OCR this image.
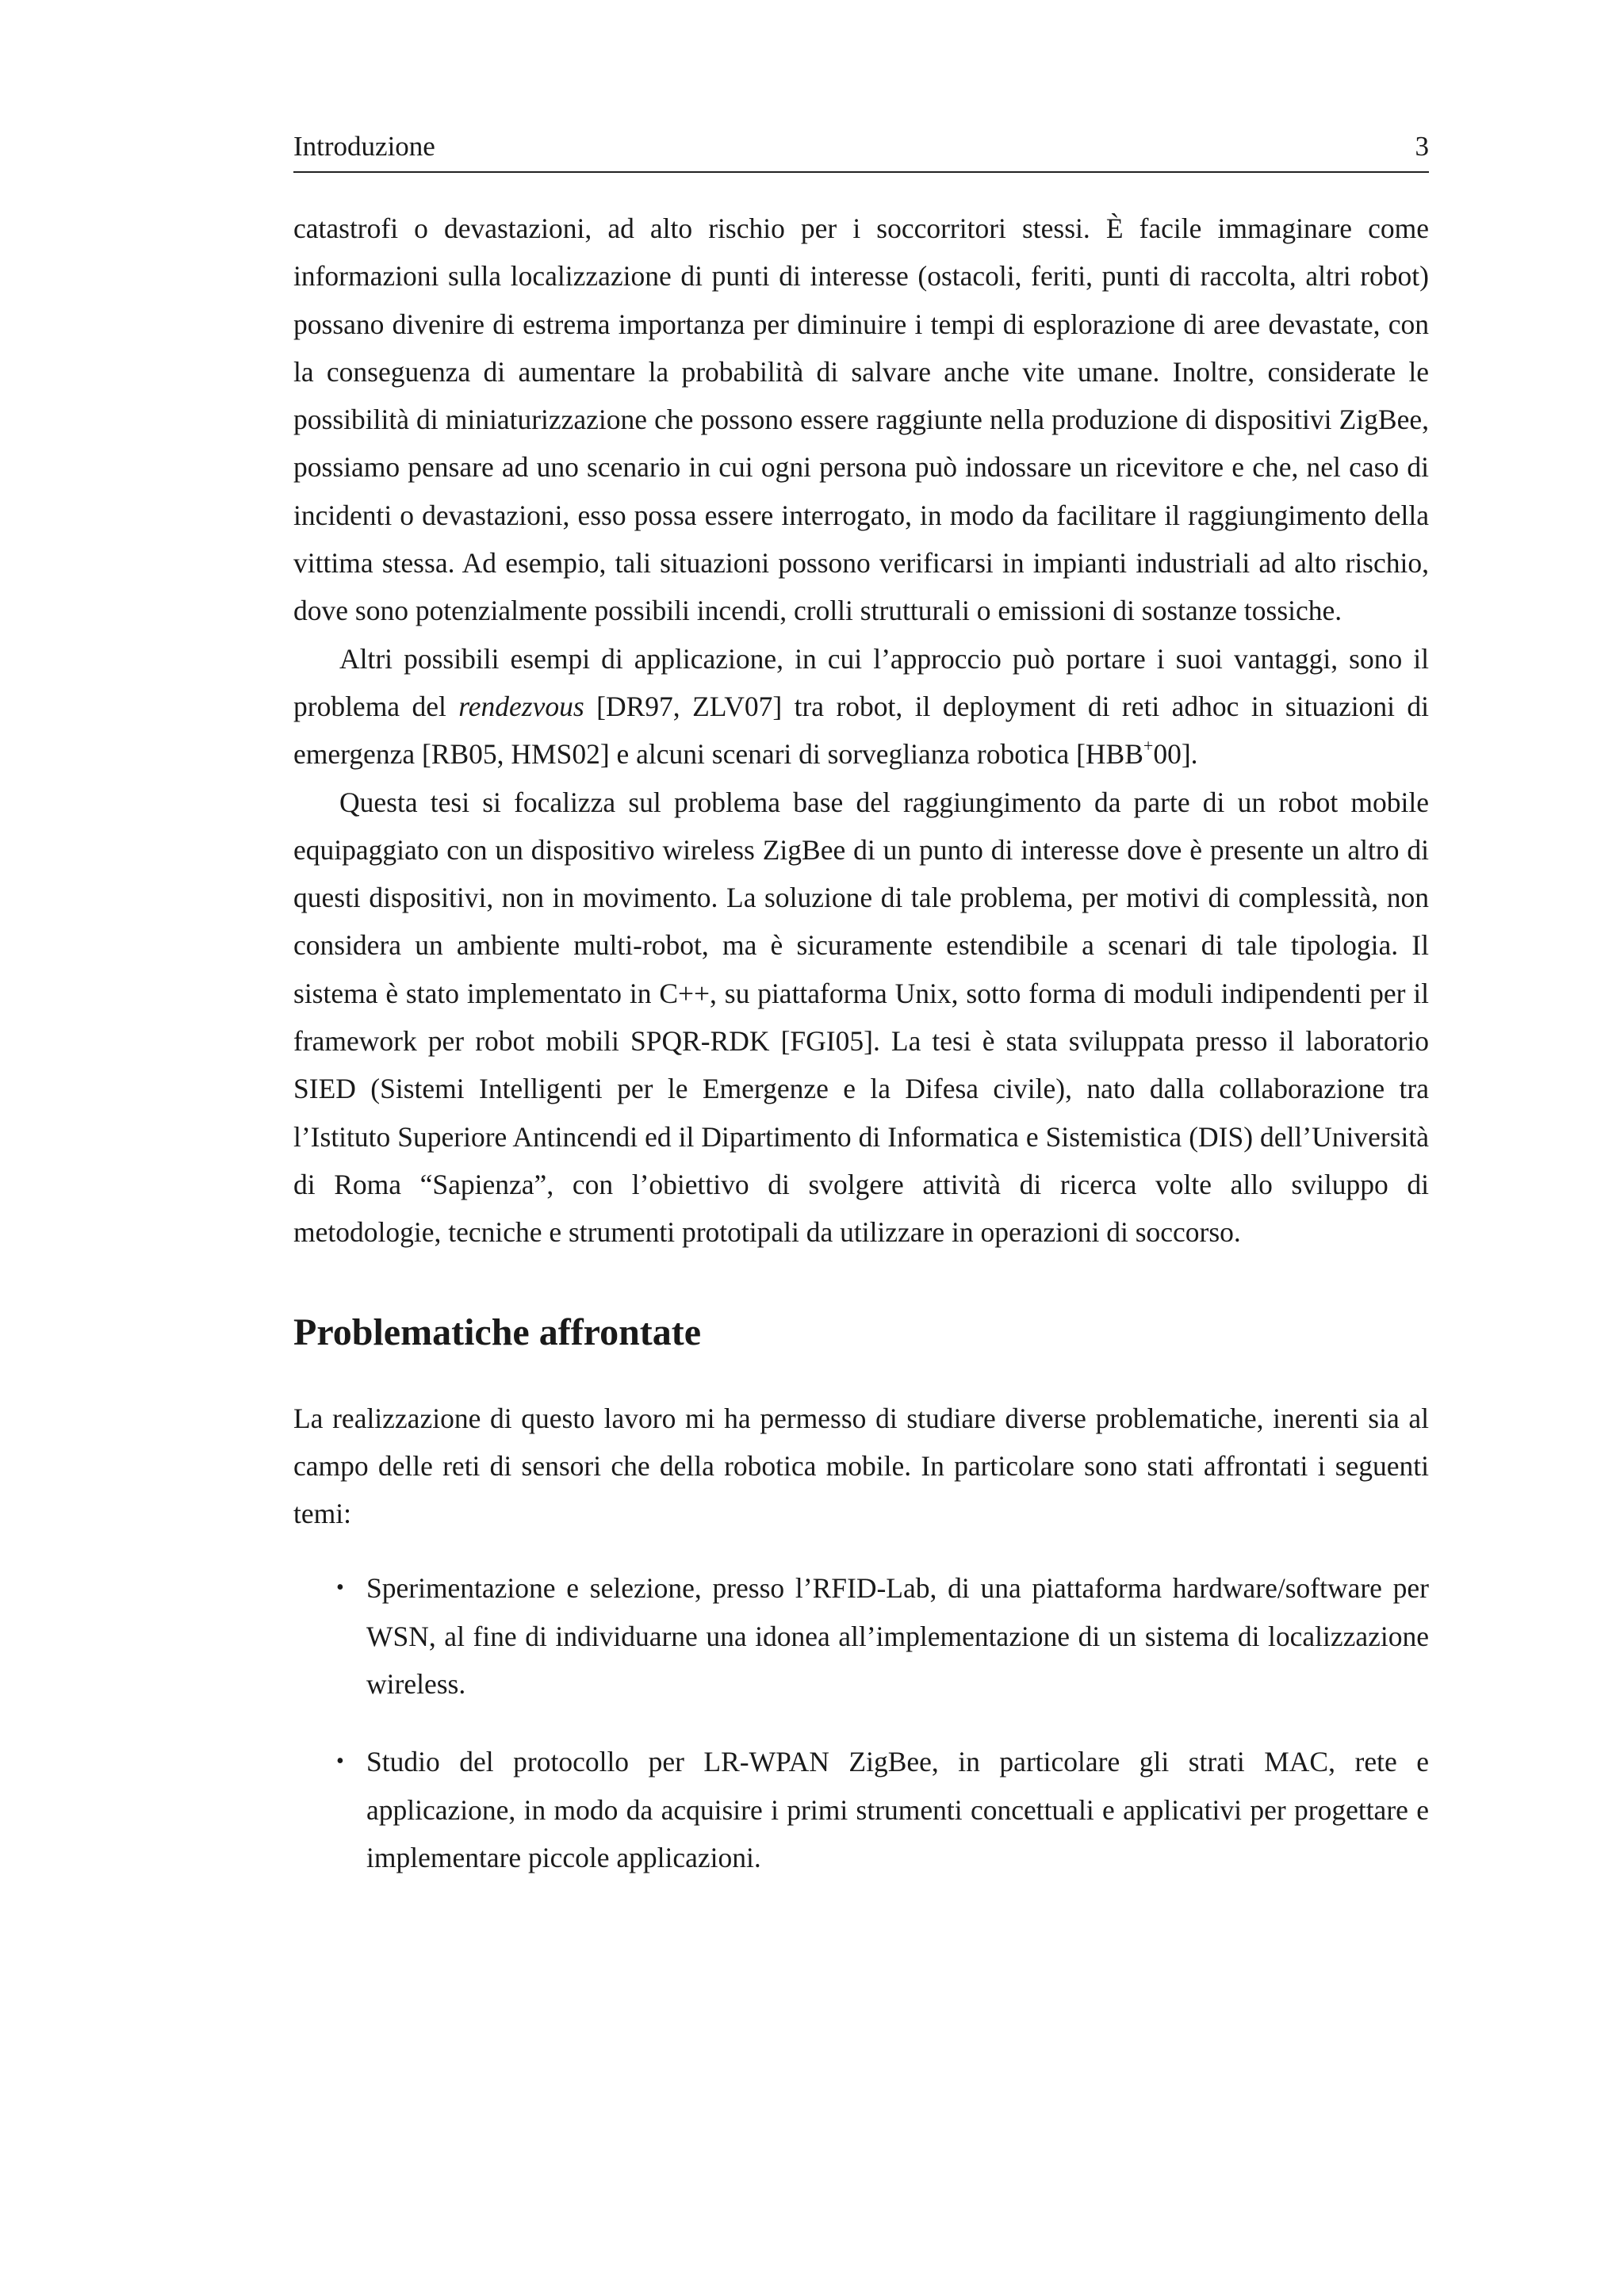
Introduzione	3

catastrofi o devastazioni, ad alto rischio per i soccorritori stessi. È facile immaginare come informazioni sulla localizzazione di punti di interesse (ostacoli, feriti, punti di raccolta, altri robot) possano divenire di estrema importanza per diminuire i tempi di esplorazione di aree devastate, con la conseguenza di aumentare la probabilità di salvare anche vite umane. Inoltre, considerate le possibilità di miniaturizzazione che possono essere raggiunte nella produzione di dispositivi ZigBee, possiamo pensare ad uno scenario in cui ogni persona può indossare un ricevitore e che, nel caso di incidenti o devastazioni, esso possa essere interrogato, in modo da facilitare il raggiungimento della vittima stessa. Ad esempio, tali situazioni possono verificarsi in impianti industriali ad alto rischio, dove sono potenzialmente possibili incendi, crolli strutturali o emissioni di sostanze tossiche.

Altri possibili esempi di applicazione, in cui l’approccio può portare i suoi vantaggi, sono il problema del rendezvous [DR97, ZLV07] tra robot, il deployment di reti adhoc in situazioni di emergenza [RB05, HMS02] e alcuni scenari di sorveglianza robotica [HBB+00].

Questa tesi si focalizza sul problema base del raggiungimento da parte di un robot mobile equipaggiato con un dispositivo wireless ZigBee di un punto di interesse dove è presente un altro di questi dispositivi, non in movimento. La soluzione di tale problema, per motivi di complessità, non considera un ambiente multi-robot, ma è sicuramente estendibile a scenari di tale tipologia. Il sistema è stato implementato in C++, su piattaforma Unix, sotto forma di moduli indipendenti per il framework per robot mobili SPQR-RDK [FGI05]. La tesi è stata sviluppata presso il laboratorio SIED (Sistemi Intelligenti per le Emergenze e la Difesa civile), nato dalla collaborazione tra l’Istituto Superiore Antincendi ed il Dipartimento di Informatica e Sistemistica (DIS) dell’Università di Roma “Sapienza”, con l’obiettivo di svolgere attività di ricerca volte allo sviluppo di metodologie, tecniche e strumenti prototipali da utilizzare in operazioni di soccorso.

Problematiche affrontate

La realizzazione di questo lavoro mi ha permesso di studiare diverse problematiche, inerenti sia al campo delle reti di sensori che della robotica mobile. In particolare sono stati affrontati i seguenti temi:

• Sperimentazione e selezione, presso l’RFID-Lab, di una piattaforma hardware/software per WSN, al fine di individuarne una idonea all’implementazione di un sistema di localizzazione wireless.
• Studio del protocollo per LR-WPAN ZigBee, in particolare gli strati MAC, rete e applicazione, in modo da acquisire i primi strumenti concettuali e applicativi per progettare e implementare piccole applicazioni.
